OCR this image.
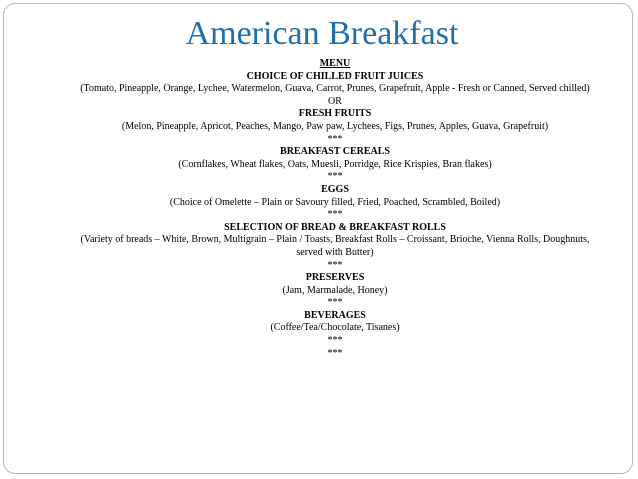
American Breakfast
MENU
CHOICE OF CHILLED FRUIT JUICES
(Tomato, Pineapple, Orange, Lychee, Watermelon, Guava, Carrot, Prunes, Grapefruit, Apple - Fresh or Canned, Served chilled)
OR
FRESH FRUITS
(Melon, Pineapple, Apricot, Peaches, Mango, Paw paw, Lychees, Figs, Prunes, Apples, Guava, Grapefruit)
***
BREAKFAST CEREALS
(Cornflakes, Wheat flakes, Oats, Muesli, Porridge, Rice Krispies, Bran flakes)
***
EGGS
(Choice of Omelette – Plain or Savoury filled, Fried, Poached, Scrambled, Boiled)
***
SELECTION OF BREAD & BREAKFAST ROLLS
(Variety of breads – White, Brown, Multigrain – Plain / Toasts, Breakfast Rolls – Croissant, Brioche, Vienna Rolls, Doughnuts, served with Butter)
***
PRESERVES
(Jam, Marmalade, Honey)
***
BEVERAGES
(Coffee/Tea/Chocolate, Tisanes)
***
***
